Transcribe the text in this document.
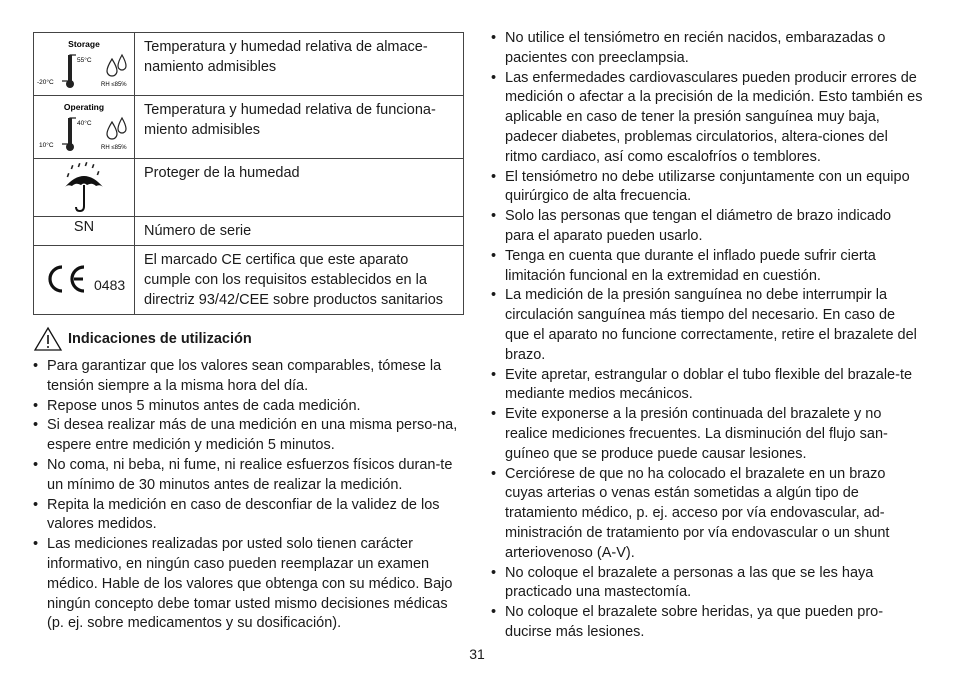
Storage
55°C
-20°C RH ≤85%	Temperatura y humedad relativa de almace-namiento admisibles

Operating
40°C
10°C RH ≤85%	Temperatura y humedad relativa de funciona-miento admisibles

	Proteger de la humedad
SN	Número de serie

0483	El marcado CE certifica que este aparato cumple con los requisitos establecidos en la directriz 93/42/CEE sobre productos sanitarios
Indicaciones de utilización
• Para garantizar que los valores sean comparables, tómese la tensión siempre a la misma hora del día.
• Repose unos 5 minutos antes de cada medición.
• Si desea realizar más de una medición en una misma perso-na, espere entre medición y medición 5 minutos.
• No coma, ni beba, ni fume, ni realice esfuerzos físicos duran-te un mínimo de 30 minutos antes de realizar la medición.
• Repita la medición en caso de desconfiar de la validez de los valores medidos.
• Las mediciones realizadas por usted solo tienen carácter informativo, en ningún caso pueden reemplazar un examen médico. Hable de los valores que obtenga con su médico. Bajo ningún concepto debe tomar usted mismo decisiones médicas (p. ej. sobre medicamentos y su dosificación).
• No utilice el tensiómetro en recién nacidos, embarazadas o pacientes con preeclampsia.
• Las enfermedades cardiovasculares pueden producir errores de medición o afectar a la precisión de la medición. Esto también es aplicable en caso de tener la presión sanguínea muy baja, padecer diabetes, problemas circulatorios, altera-ciones del ritmo cardiaco, así como escalofríos o temblores.
• El tensiómetro no debe utilizarse conjuntamente con un equipo quirúrgico de alta frecuencia.
• Solo las personas que tengan el diámetro de brazo indicado para el aparato pueden usarlo.
• Tenga en cuenta que durante el inflado puede sufrir cierta limitación funcional en la extremidad en cuestión.
• La medición de la presión sanguínea no debe interrumpir la circulación sanguínea más tiempo del necesario. En caso de que el aparato no funcione correctamente, retire el brazalete del brazo.
• Evite apretar, estrangular o doblar el tubo flexible del brazale-te mediante medios mecánicos.
• Evite exponerse a la presión continuada del brazalete y no realice mediciones frecuentes. La disminución del flujo san-guíneo que se produce puede causar lesiones.
• Cerciórese de que no ha colocado el brazalete en un brazo cuyas arterias o venas están sometidas a algún tipo de tratamiento médico, p. ej. acceso por vía endovascular, ad-ministración de tratamiento por vía endovascular o un shunt arteriovenoso (A-V).
• No coloque el brazalete a personas a las que se les haya practicado una mastectomía.
• No coloque el brazalete sobre heridas, ya que pueden pro-ducirse más lesiones.
31
